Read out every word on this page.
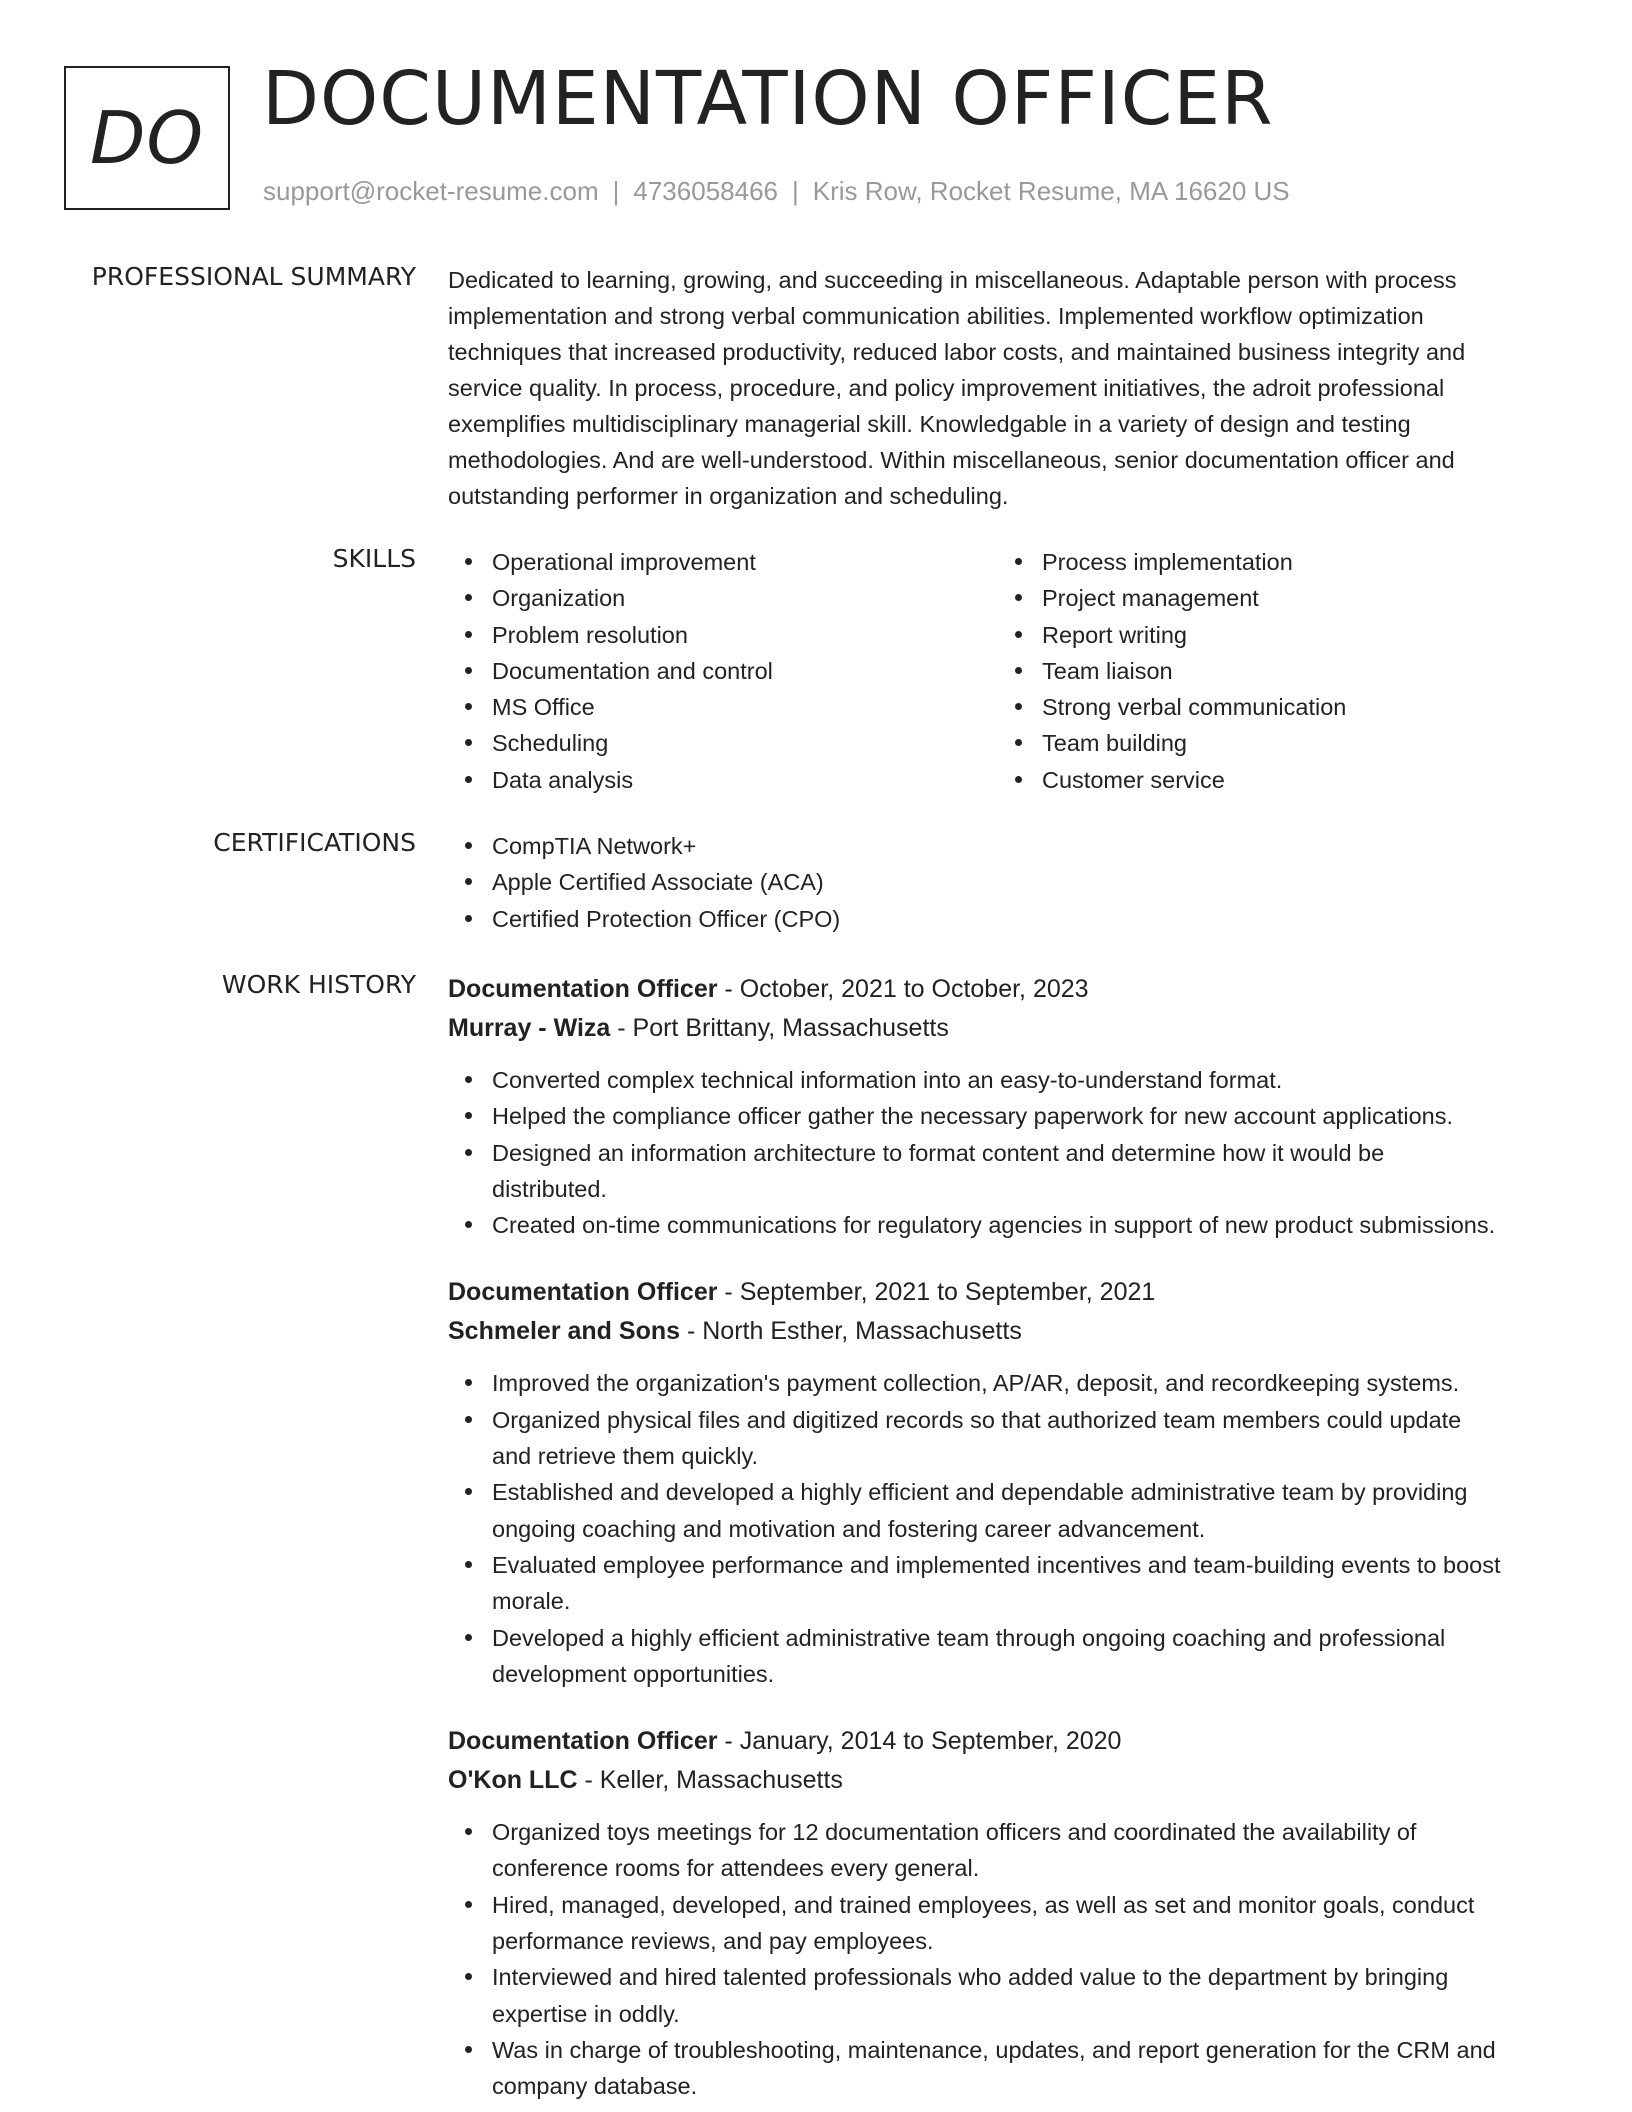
DO DOCUMENTATION OFFICER
support@rocket-resume.com | 4736058466 | Kris Row, Rocket Resume, MA 16620 US
PROFESSIONAL SUMMARY Dedicated to learning, growing, and succeeding in miscellaneous. Adaptable person with process
implementation and strong verbal communication abilities. Implemented workflow optimization
techniques that increased productivity, reduced labor costs, and maintained business integrity and
service quality. In process, procedure, and policy improvement initiatives, the adroit professional
exemplifies multidisciplinary managerial skill. Knowledgable in a variety of design and testing
methodologies. And are well-understood. Within miscellaneous, senior documentation officer and
outstanding performer in organization and scheduling.
SKILLS	Operational improvement
Organization
Problem resolution
Documentation and control
MS Office
Scheduling
Data analysis
Process implementation
Project management
Report writing
Team liaison
Strong verbal communication
Team building
Customer service
CERTIFICATIONS	CompTIA Network+
Apple Certified Associate (ACA)
Certified Protection Officer (CPO)
WORK HISTORY Documentation Officer - October, 2021 to October, 2023
Murray - Wiza - Port Brittany, Massachusetts
Converted complex technical information into an easy-to-understand format.
Helped the compliance officer gather the necessary paperwork for new account applications.
Designed an information architecture to format content and determine how it would be
distributed.
Created on-time communications for regulatory agencies in support of new product submissions.
Documentation Officer - September, 2021 to September, 2021
Schmeler and Sons - North Esther, Massachusetts
Improved the organization's payment collection, AP/AR, deposit, and recordkeeping systems.
Organized physical files and digitized records so that authorized team members could update
and retrieve them quickly.
Established and developed a highly efficient and dependable administrative team by providing
ongoing coaching and motivation and fostering career advancement.
Evaluated employee performance and implemented incentives and team-building events to boost
morale.
Developed a highly efficient administrative team through ongoing coaching and professional
development opportunities.
Documentation Officer - January, 2014 to September, 2020
O'Kon LLC - Keller, Massachusetts
Organized toys meetings for 12 documentation officers and coordinated the availability of
conference rooms for attendees every general.
Hired, managed, developed, and trained employees, as well as set and monitor goals, conduct
performance reviews, and pay employees.
Interviewed and hired talented professionals who added value to the department by bringing
expertise in oddly.
Was in charge of troubleshooting, maintenance, updates, and report generation for the CRM and
company database.
